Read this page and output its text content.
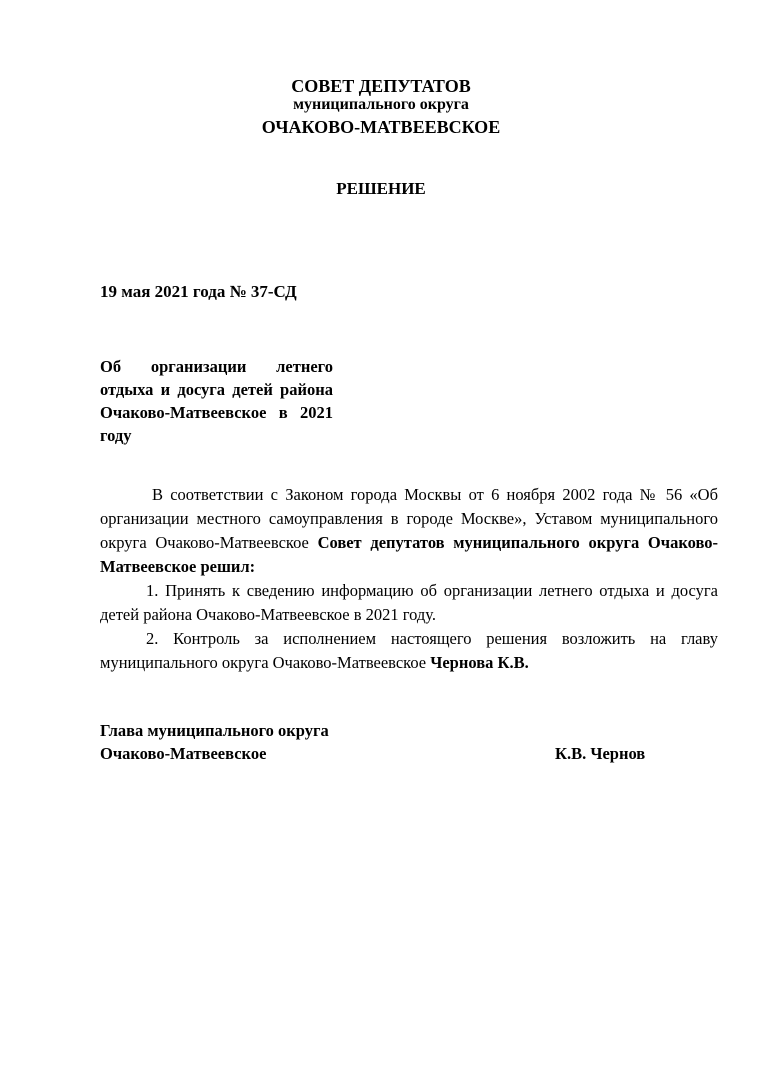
СОВЕТ ДЕПУТАТОВ
муниципального округа
ОЧАКОВО-МАТВЕЕВСКОЕ
РЕШЕНИЕ
19 мая 2021 года № 37-СД
Об организации летнего отдыха и досуга детей района Очаково-Матвеевское в 2021 году

В соответствии с Законом города Москвы от 6 ноября 2002 года № 56 «Об организации местного самоуправления в городе Москве», Уставом муниципального округа Очаково-Матвеевское Совет депутатов муниципального округа Очаково-Матвеевское решил:

1. Принять к сведению информацию об организации летнего отдыха и досуга детей района Очаково-Матвеевское в 2021 году.

2. Контроль за исполнением настоящего решения возложить на главу муниципального округа Очаково-Матвеевское Чернова К.В.

Глава муниципального округа
Очаково-Матвеевское	К.В. Чернов
